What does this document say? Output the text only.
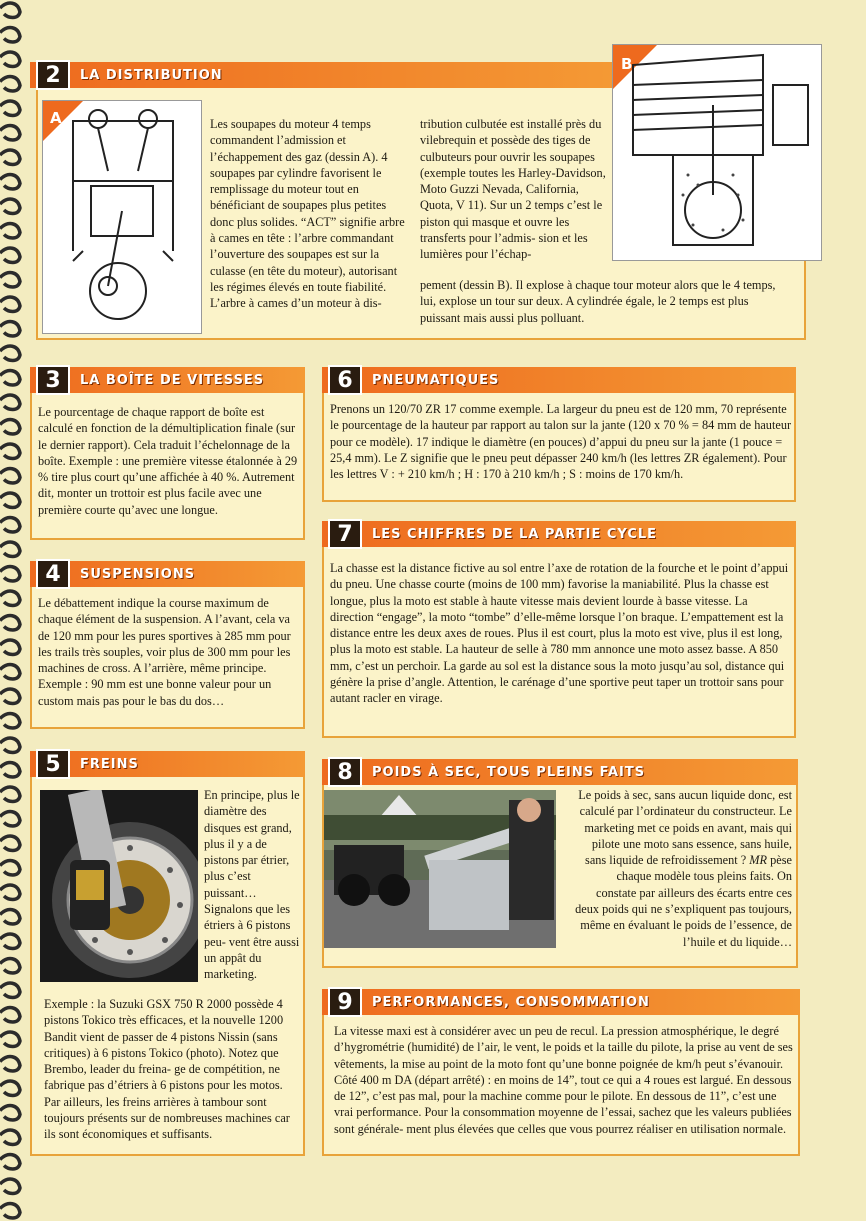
2	LA DISTRIBUTION
A	Les soupapes du moteur 4 temps commandent l’admission et l’échappement des gaz (dessin A). 4 soupapes par cylindre favorisent le remplissage du moteur tout en bénéficiant de soupapes plus petites donc plus solides. “ACT” signifie arbre à cames en tête : l’arbre commandant l’ouverture des soupapes est sur la culasse (en tête du moteur), autorisant les régimes élevés en toute fiabilité. L’arbre à cames d’un moteur à dis-
tribution culbutée est installé près du vilebrequin et possède des tiges de culbuteurs pour ouvrir les soupapes (exemple toutes les Harley-Davidson, Moto Guzzi Nevada, California, Quota, V 11). Sur un 2 temps c’est le piston qui masque et ouvre les transferts pour l’admis- sion et les lumières pour l’échap-
pement (dessin B). Il explose à chaque tour moteur alors que le 4 temps, lui, explose un tour sur deux. A cylindrée égale, le 2 temps est plus puissant mais aussi plus polluant.
B
3	LA BOÎTE DE VITESSES
Le pourcentage de chaque rapport de boîte est calculé en fonction de la démultiplication finale (sur le dernier rapport). Cela traduit l’échelonnage de la boîte. Exemple : une première vitesse étalonnée à 29 % tire plus court qu’une affichée à 40 %. Autrement dit, monter un trottoir est plus facile avec une première courte qu’avec une longue.
4	SUSPENSIONS
Le débattement indique la course maximum de chaque élément de la suspension. A l’avant, cela va de 120 mm pour les pures sportives à 285 mm pour les trails très souples, voir plus de 300 mm pour les machines de cross. A l’arrière, même principe. Exemple : 90 mm est une bonne valeur pour un custom mais pas pour le bas du dos…
5	FREINS
En principe, plus le diamètre des disques est grand, plus il y a de pistons par étrier, plus c’est puissant… Signalons que les étriers à 6 pistons peu- vent être aussi un appât du marketing.
Exemple : la Suzuki GSX 750 R 2000 possède 4 pistons Tokico très efficaces, et la nouvelle 1200 Bandit vient de passer de 4 pistons Nissin (sans critiques) à 6 pistons Tokico (photo). Notez que Brembo, leader du freina- ge de compétition, ne fabrique pas d’étriers à 6 pistons pour les motos. Par ailleurs, les freins arrières à tambour sont toujours présents sur de nombreuses machines car ils sont économiques et suffisants.
6	PNEUMATIQUES
Prenons un 120/70 ZR 17 comme exemple. La largeur du pneu est de 120 mm, 70 représente le pourcentage de la hauteur par rapport au talon sur la jante (120 x 70 % = 84 mm de hauteur pour ce modèle). 17 indique le diamètre (en pouces) d’appui du pneu sur la jante (1 pouce = 25,4 mm). Le Z signifie que le pneu peut dépasser 240 km/h (les lettres ZR également). Pour les lettres V : + 210 km/h ; H : 170 à 210 km/h ; S : moins de 170 km/h.
7	LES CHIFFRES DE LA PARTIE CYCLE
La chasse est la distance fictive au sol entre l’axe de rotation de la fourche et le point d’appui du pneu. Une chasse courte (moins de 100 mm) favorise la maniabilité. Plus la chasse est longue, plus la moto est stable à haute vitesse mais devient lourde à basse vitesse. La direction “engage”, la moto “tombe” d’elle-même lorsque l’on braque. L’empattement est la distance entre les deux axes de roues. Plus il est court, plus la moto est vive, plus il est long, plus la moto est stable. La hauteur de selle à 780 mm annonce une moto assez basse. A 850 mm, c’est un perchoir. La garde au sol est la distance sous la moto jusqu’au sol, distance qui génère la prise d’angle. Attention, le carénage d’une sportive peut taper un trottoir sans pour autant racler en virage.
8	POIDS À SEC, TOUS PLEINS FAITS
Le poids à sec, sans aucun liquide donc, est calculé par l’ordinateur du constructeur. Le marketing met ce poids en avant, mais qui pilote une moto sans essence, sans huile, sans liquide de refroidissement ? MR pèse chaque modèle tous pleins faits. On constate par ailleurs des écarts entre ces deux poids qui ne s’expliquent pas toujours, même en évaluant le poids de l’essence, de l’huile et du liquide…
9	PERFORMANCES, CONSOMMATION
La vitesse maxi est à considérer avec un peu de recul. La pression atmosphérique, le degré d’hygrométrie (humidité) de l’air, le vent, le poids et la taille du pilote, la prise au vent de ses vêtements, la mise au point de la moto font qu’une bonne poignée de km/h peut s’évanouir. Côté 400 m DA (départ arrêté) : en moins de 14”, tout ce qui a 4 roues est largué. En dessous de 12”, c’est pas mal, pour la machine comme pour le pilote. En dessous de 11”, c’est une vrai performance. Pour la consommation moyenne de l’essai, sachez que les valeurs publiées sont générale- ment plus élevées que celles que vous pourrez réaliser en utilisation normale.
